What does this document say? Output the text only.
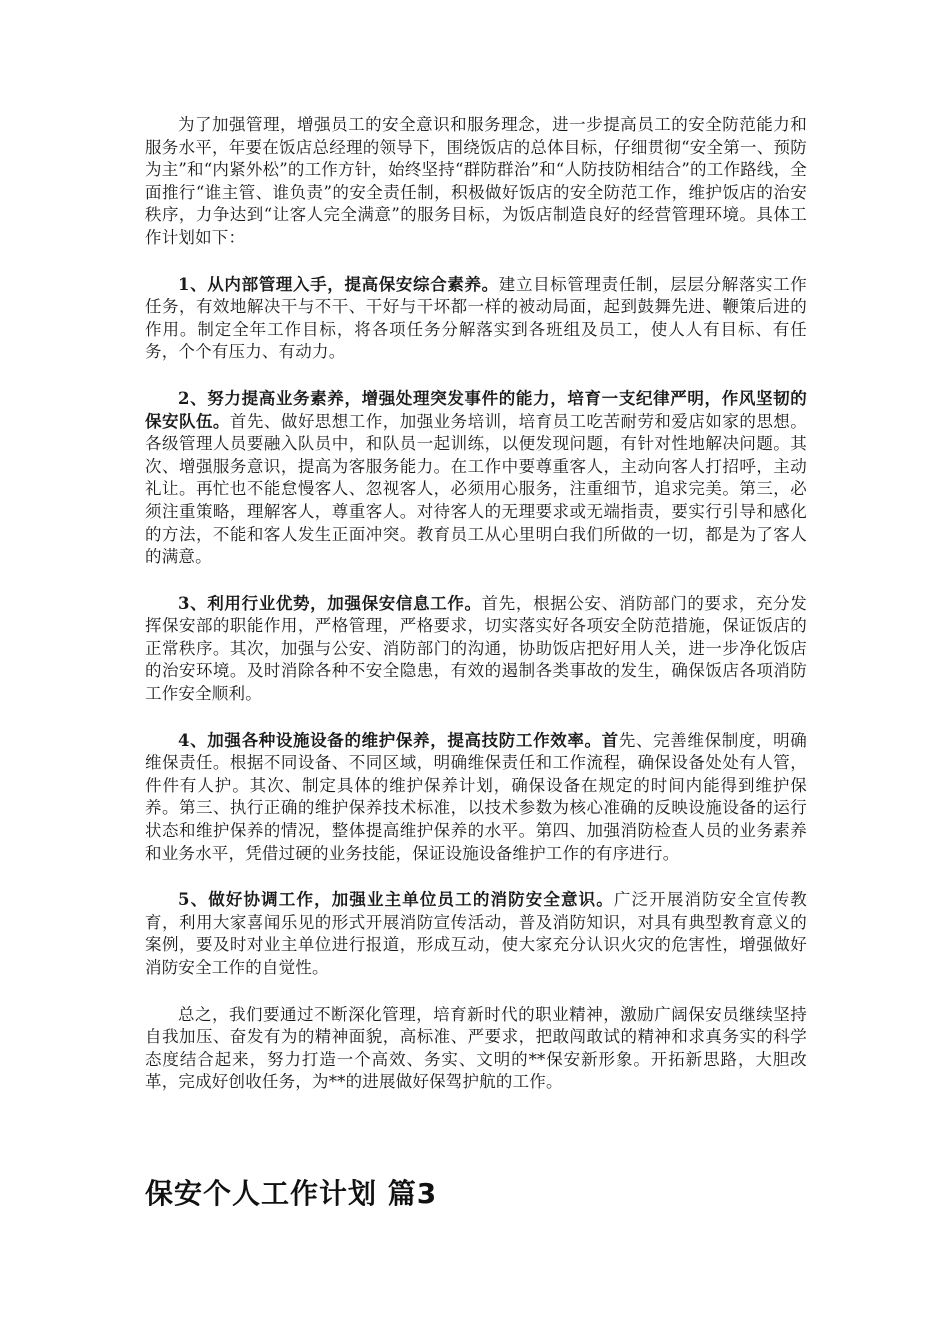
为了加强管理，增强员工的安全意识和服务理念，进一步提高员工的安全防范能力和服务水平，年要在饭店总经理的领导下，围绕饭店的总体目标，仔细贯彻“安全第一、预防为主”和“内紧外松”的工作方针，始终坚持“群防群治”和“人防技防相结合”的工作路线，全面推行“谁主管、谁负责”的安全责任制，积极做好饭店的安全防范工作，维护饭店的治安秩序，力争达到“让客人完全满意”的服务目标，为饭店制造良好的经营管理环境。具体工作计划如下：

1、从内部管理入手，提高保安综合素养。建立目标管理责任制，层层分解落实工作任务，有效地解决干与不干、干好与干坏都一样的被动局面，起到鼓舞先进、鞭策后进的作用。制定全年工作目标，将各项任务分解落实到各班组及员工，使人人有目标、有任务，个个有压力、有动力。

2、努力提高业务素养，增强处理突发事件的能力，培育一支纪律严明，作风坚韧的保安队伍。首先、做好思想工作，加强业务培训，培育员工吃苦耐劳和爱店如家的思想。各级管理人员要融入队员中，和队员一起训练，以便发现问题，有针对性地解决问题。其次、增强服务意识，提高为客服务能力。在工作中要尊重客人，主动向客人打招呼，主动礼让。再忙也不能怠慢客人、忽视客人，必须用心服务，注重细节，追求完美。第三，必须注重策略，理解客人，尊重客人。对待客人的无理要求或无端指责，要实行引导和感化的方法，不能和客人发生正面冲突。教育员工从心里明白我们所做的一切，都是为了客人的满意。

3、利用行业优势，加强保安信息工作。首先，根据公安、消防部门的要求，充分发挥保安部的职能作用，严格管理，严格要求，切实落实好各项安全防范措施，保证饭店的正常秩序。其次，加强与公安、消防部门的沟通，协助饭店把好用人关，进一步净化饭店的治安环境。及时消除各种不安全隐患，有效的遏制各类事故的发生，确保饭店各项消防工作安全顺利。

4、加强各种设施设备的维护保养，提高技防工作效率。首先、完善维保制度，明确维保责任。根据不同设备、不同区域，明确维保责任和工作流程，确保设备处处有人管，件件有人护。其次、制定具体的维护保养计划，确保设备在规定的时间内能得到维护保养。第三、执行正确的维护保养技术标准，以技术参数为核心准确的反映设施设备的运行状态和维护保养的情况，整体提高维护保养的水平。第四、加强消防检查人员的业务素养和业务水平，凭借过硬的业务技能，保证设施设备维护工作的有序进行。

5、做好协调工作，加强业主单位员工的消防安全意识。广泛开展消防安全宣传教育，利用大家喜闻乐见的形式开展消防宣传活动，普及消防知识，对具有典型教育意义的案例，要及时对业主单位进行报道，形成互动，使大家充分认识火灾的危害性，增强做好消防安全工作的自觉性。

总之，我们要通过不断深化管理，培育新时代的职业精神，激励广阔保安员继续坚持自我加压、奋发有为的精神面貌，高标准、严要求，把敢闯敢试的精神和求真务实的科学态度结合起来，努力打造一个高效、务实、文明的**保安新形象。开拓新思路，大胆改革，完成好创收任务，为**的进展做好保驾护航的工作。

保安个人工作计划 篇3
